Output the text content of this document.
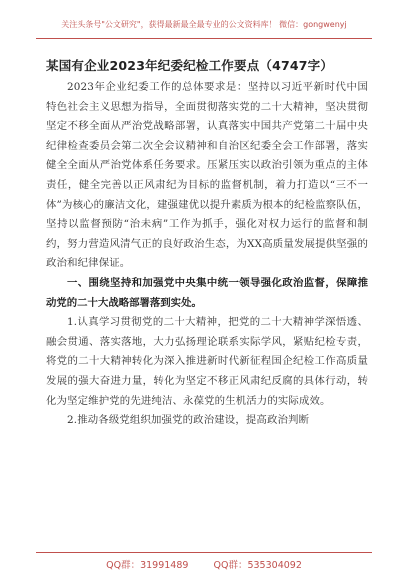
关注头条号"公文研究"，获得最新最全最专业的公文资料库！ 微信：gongwenyj
某国有企业2023年纪委纪检工作要点（4747字）

2023年企业纪委工作的总体要求是：坚持以习近平新时代中国特色社会主义思想为指导，全面贯彻落实党的二十大精神，坚决贯彻坚定不移全面从严治党战略部署，认真落实中国共产党第二十届中央纪律检查委员会第二次全会议精神和自治区纪委全会工作部署，落实健全全面从严治党体系任务要求。压紧压实以政治引领为重点的主体责任，健全完善以正风肃纪为目标的监督机制，着力打造以“三不一体”为核心的廉洁文化，建强建优以提升素质为根本的纪检监察队伍，坚持以监督预防“治未病”工作为抓手，强化对权力运行的监督和制约，努力营造风清气正的良好政治生态，为XX高质量发展提供坚强的政治和纪律保证。

一、围绕坚持和加强党中央集中统一领导强化政治监督，保障推动党的二十大战略部署落到实处。

1.认真学习贯彻党的二十大精神，把党的二十大精神学深悟透、融会贯通、落实落地，大力弘扬理论联系实际学风，紧贴纪检专责，将党的二十大精神转化为深入推进新时代新征程国企纪检工作高质量发展的强大奋进力量，转化为坚定不移正风肃纪反腐的具体行动，转化为坚定维护党的先进纯洁、永葆党的生机活力的实际成效。

2.推动各级党组织加强党的政治建设，提高政治判断

QQ群：31991489	QQ群：535304092
